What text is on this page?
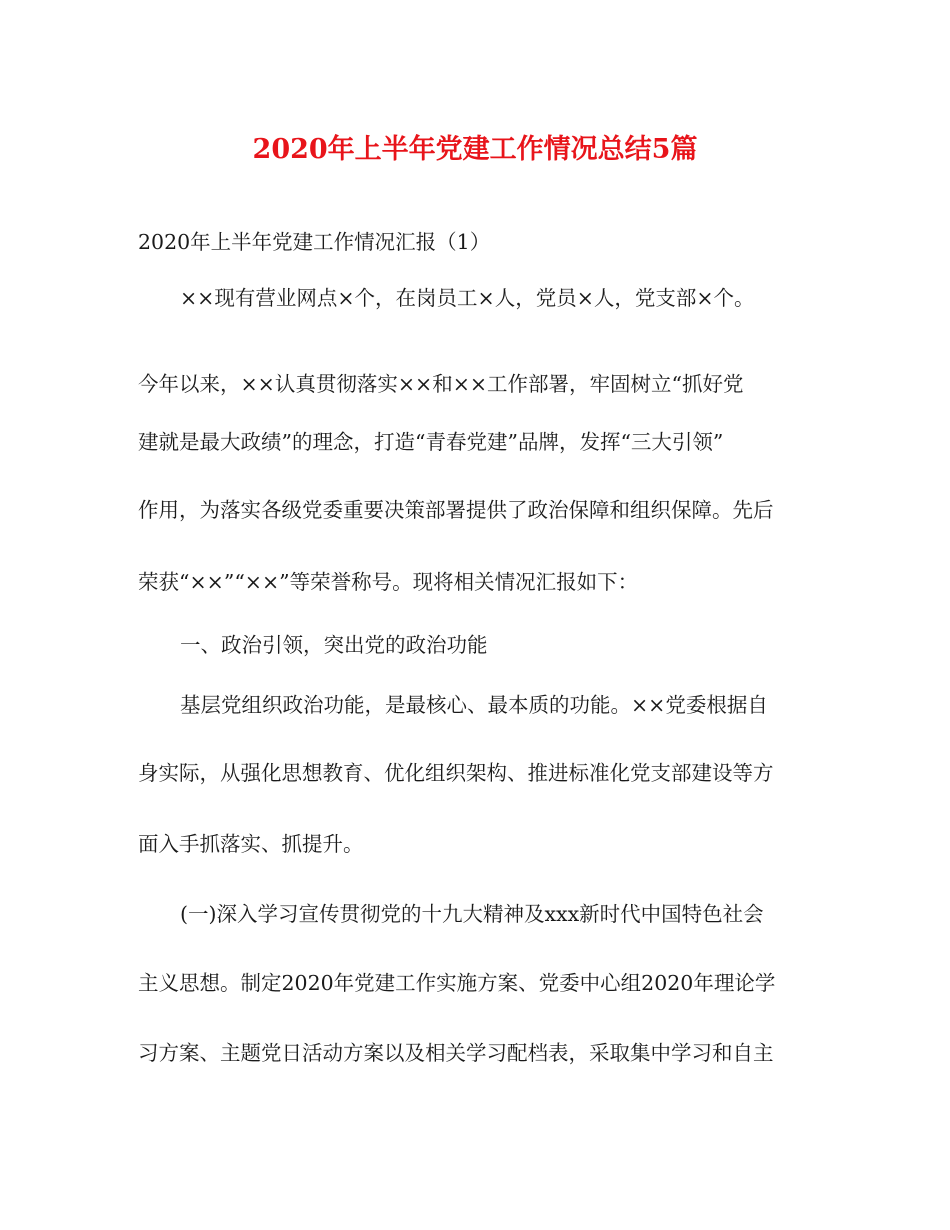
2020年上半年党建工作情况总结5篇
2020年上半年党建工作情况汇报（1）
××现有营业网点×个，在岗员工×人，党员×人，党支部×个。
今年以来，××认真贯彻落实××和××工作部署，牢固树立“抓好党
建就是最大政绩”的理念，打造“青春党建”品牌，发挥“三大引领”
作用，为落实各级党委重要决策部署提供了政治保障和组织保障。先后
荣获“××”“××”等荣誉称号。现将相关情况汇报如下：
一、政治引领，突出党的政治功能
基层党组织政治功能，是最核心、最本质的功能。××党委根据自
身实际，从强化思想教育、优化组织架构、推进标准化党支部建设等方
面入手抓落实、抓提升。
(一)深入学习宣传贯彻党的十九大精神及xxx新时代中国特色社会
主义思想。制定2020年党建工作实施方案、党委中心组2020年理论学
习方案、主题党日活动方案以及相关学习配档表，采取集中学习和自主
